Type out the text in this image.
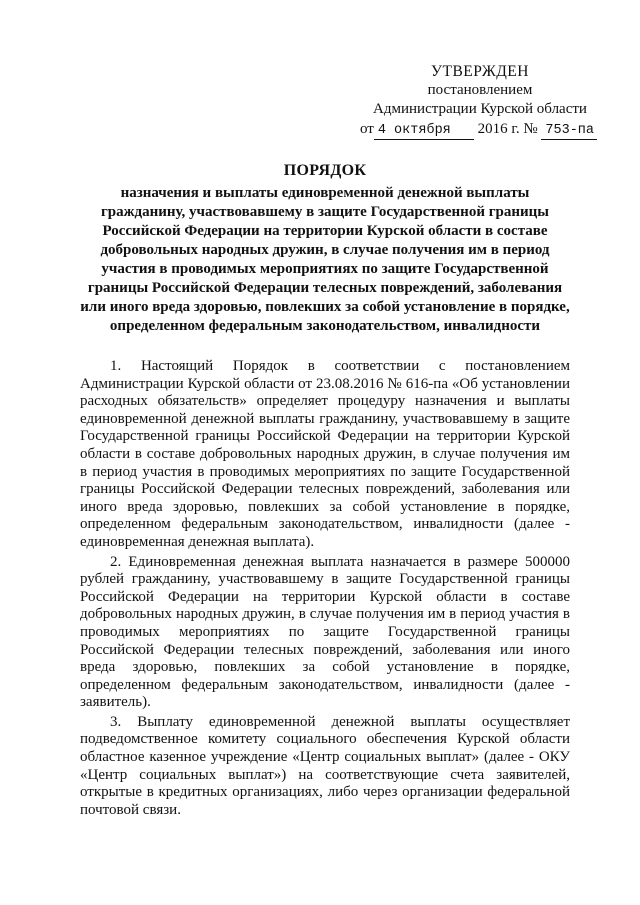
УТВЕРЖДЕН
постановлением
Администрации Курской области
от 4 октября 2016 г. № 753-па
ПОРЯДОК
назначения и выплаты единовременной денежной выплаты гражданину, участвовавшему в защите Государственной границы Российской Федерации на территории Курской области в составе добровольных народных дружин, в случае получения им в период участия в проводимых мероприятиях по защите Государственной границы Российской Федерации телесных повреждений, заболевания или иного вреда здоровью, повлекших за собой установление в порядке, определенном федеральным законодательством, инвалидности

1. Настоящий Порядок в соответствии с постановлением Администрации Курской области от 23.08.2016 № 616-па «Об установлении расходных обязательств» определяет процедуру назначения и выплаты единовременной денежной выплаты гражданину, участвовавшему в защите Государственной границы Российской Федерации на территории Курской области в составе добровольных народных дружин, в случае получения им в период участия в проводимых мероприятиях по защите Государственной границы Российской Федерации телесных повреждений, заболевания или иного вреда здоровью, повлекших за собой установление в порядке, определенном федеральным законодательством, инвалидности (далее - единовременная денежная выплата).

2. Единовременная денежная выплата назначается в размере 500000 рублей гражданину, участвовавшему в защите Государственной границы Российской Федерации на территории Курской области в составе добровольных народных дружин, в случае получения им в период участия в проводимых мероприятиях по защите Государственной границы Российской Федерации телесных повреждений, заболевания или иного вреда здоровью, повлекших за собой установление в порядке, определенном федеральным законодательством, инвалидности (далее - заявитель).

3. Выплату единовременной денежной выплаты осуществляет подведомственное комитету социального обеспечения Курской области областное казенное учреждение «Центр социальных выплат» (далее - ОКУ «Центр социальных выплат») на соответствующие счета заявителей, открытые в кредитных организациях, либо через организации федеральной почтовой связи.
